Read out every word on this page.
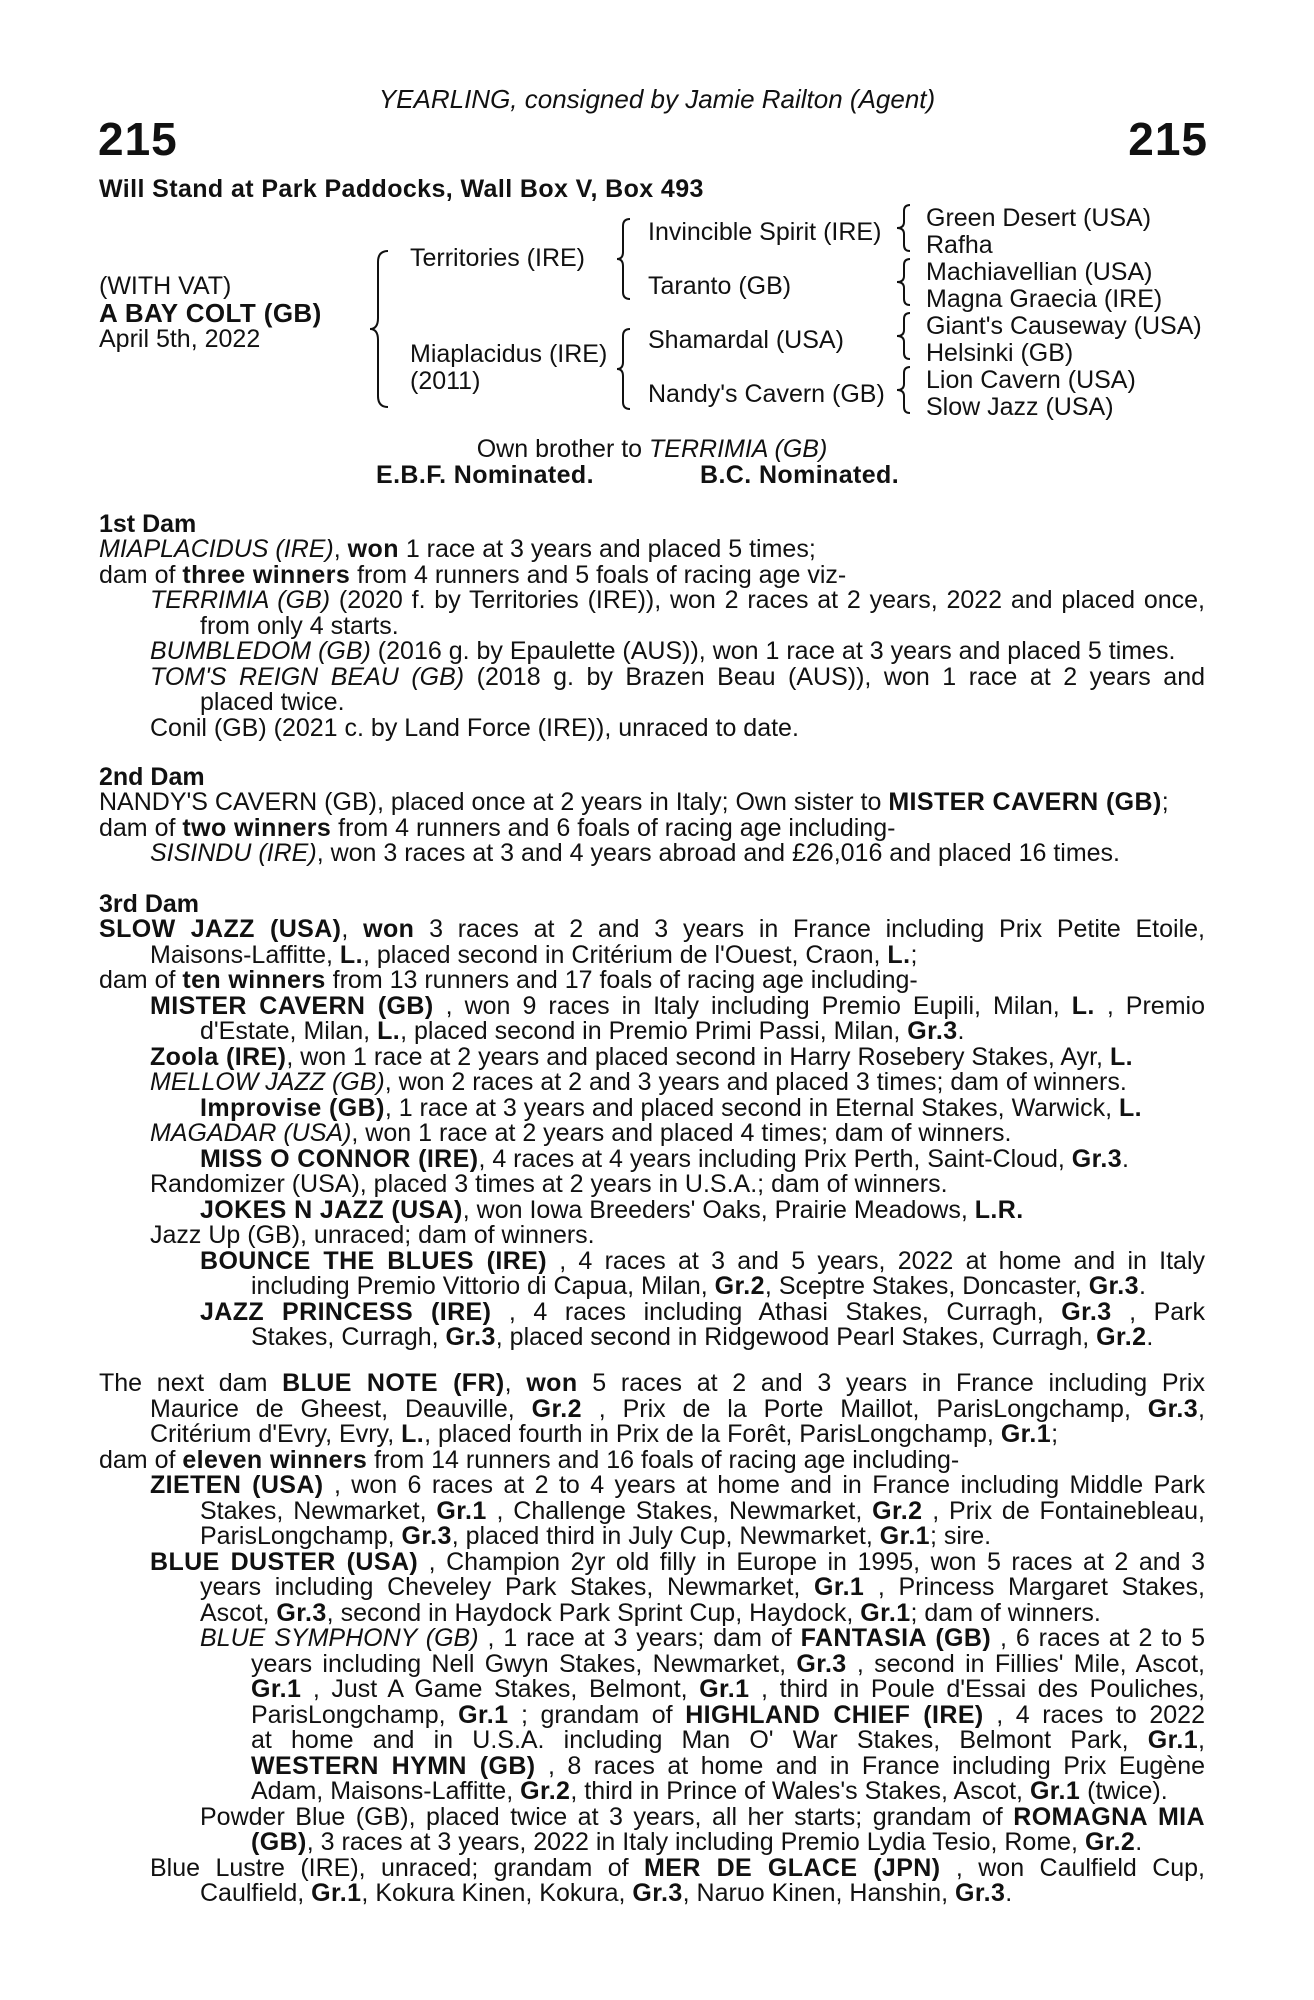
YEARLING, consigned by Jamie Railton (Agent)
215	215
Will Stand at Park Paddocks, Wall Box V, Box 493
(WITH VAT)
A BAY COLT (GB)
April 5th, 2022
Territories (IRE)
Miaplacidus (IRE)
(2011)
Invincible Spirit (IRE)
Taranto (GB)
Shamardal (USA)
Nandy's Cavern (GB)
Green Desert (USA)
Rafha
Machiavellian (USA)
Magna Graecia (IRE)
Giant's Causeway (USA)
Helsinki (GB)
Lion Cavern (USA)
Slow Jazz (USA)
Own brother to TERRIMIA (GB)
E.B.F. Nominated.	B.C. Nominated.
1st Dam
MIAPLACIDUS (IRE), won 1 race at 3 years and placed 5 times;
dam of three winners from 4 runners and 5 foals of racing age viz-
TERRIMIA (GB) (2020 f. by Territories (IRE)), won 2 races at 2 years, 2022 and placed once,
from only 4 starts.
BUMBLEDOM (GB) (2016 g. by Epaulette (AUS)), won 1 race at 3 years and placed 5 times.
TOM'S REIGN BEAU (GB) (2018 g. by Brazen Beau (AUS)), won 1 race at 2 years and
placed twice.
Conil (GB) (2021 c. by Land Force (IRE)), unraced to date.
2nd Dam
NANDY'S CAVERN (GB), placed once at 2 years in Italy; Own sister to MISTER CAVERN (GB);
dam of two winners from 4 runners and 6 foals of racing age including-
SISINDU (IRE), won 3 races at 3 and 4 years abroad and £26,016 and placed 16 times.
3rd Dam
SLOW JAZZ (USA), won 3 races at 2 and 3 years in France including Prix Petite Etoile,
Maisons-Laffitte, L., placed second in Critérium de l'Ouest, Craon, L.;
dam of ten winners from 13 runners and 17 foals of racing age including-
MISTER CAVERN (GB) , won 9 races in Italy including Premio Eupili, Milan, L. , Premio
d'Estate, Milan, L., placed second in Premio Primi Passi, Milan, Gr.3.
Zoola (IRE), won 1 race at 2 years and placed second in Harry Rosebery Stakes, Ayr, L.
MELLOW JAZZ (GB), won 2 races at 2 and 3 years and placed 3 times; dam of winners.
Improvise (GB), 1 race at 3 years and placed second in Eternal Stakes, Warwick, L.
MAGADAR (USA), won 1 race at 2 years and placed 4 times; dam of winners.
MISS O CONNOR (IRE), 4 races at 4 years including Prix Perth, Saint-Cloud, Gr.3.
Randomizer (USA), placed 3 times at 2 years in U.S.A.; dam of winners.
JOKES N JAZZ (USA), won Iowa Breeders' Oaks, Prairie Meadows, L.R.
Jazz Up (GB), unraced; dam of winners.
BOUNCE THE BLUES (IRE) , 4 races at 3 and 5 years, 2022 at home and in Italy
including Premio Vittorio di Capua, Milan, Gr.2, Sceptre Stakes, Doncaster, Gr.3.
JAZZ PRINCESS (IRE) , 4 races including Athasi Stakes, Curragh, Gr.3 , Park
Stakes, Curragh, Gr.3, placed second in Ridgewood Pearl Stakes, Curragh, Gr.2.
The next dam BLUE NOTE (FR), won 5 races at 2 and 3 years in France including Prix
Maurice de Gheest, Deauville, Gr.2 , Prix de la Porte Maillot, ParisLongchamp, Gr.3,
Critérium d'Evry, Evry, L., placed fourth in Prix de la Forêt, ParisLongchamp, Gr.1;
dam of eleven winners from 14 runners and 16 foals of racing age including-
ZIETEN (USA) , won 6 races at 2 to 4 years at home and in France including Middle Park
Stakes, Newmarket, Gr.1 , Challenge Stakes, Newmarket, Gr.2 , Prix de Fontainebleau,
ParisLongchamp, Gr.3, placed third in July Cup, Newmarket, Gr.1; sire.
BLUE DUSTER (USA) , Champion 2yr old filly in Europe in 1995, won 5 races at 2 and 3
years including Cheveley Park Stakes, Newmarket, Gr.1 , Princess Margaret Stakes,
Ascot, Gr.3, second in Haydock Park Sprint Cup, Haydock, Gr.1; dam of winners.
BLUE SYMPHONY (GB) , 1 race at 3 years; dam of FANTASIA (GB) , 6 races at 2 to 5
years including Nell Gwyn Stakes, Newmarket, Gr.3 , second in Fillies' Mile, Ascot,
Gr.1 , Just A Game Stakes, Belmont, Gr.1 , third in Poule d'Essai des Pouliches,
ParisLongchamp, Gr.1 ; grandam of HIGHLAND CHIEF (IRE) , 4 races to 2022
at home and in U.S.A. including Man O' War Stakes, Belmont Park, Gr.1,
WESTERN HYMN (GB) , 8 races at home and in France including Prix Eugène
Adam, Maisons-Laffitte, Gr.2, third in Prince of Wales's Stakes, Ascot, Gr.1 (twice).
Powder Blue (GB), placed twice at 3 years, all her starts; grandam of ROMAGNA MIA
(GB), 3 races at 3 years, 2022 in Italy including Premio Lydia Tesio, Rome, Gr.2.
Blue Lustre (IRE), unraced; grandam of MER DE GLACE (JPN) , won Caulfield Cup,
Caulfield, Gr.1, Kokura Kinen, Kokura, Gr.3, Naruo Kinen, Hanshin, Gr.3.
